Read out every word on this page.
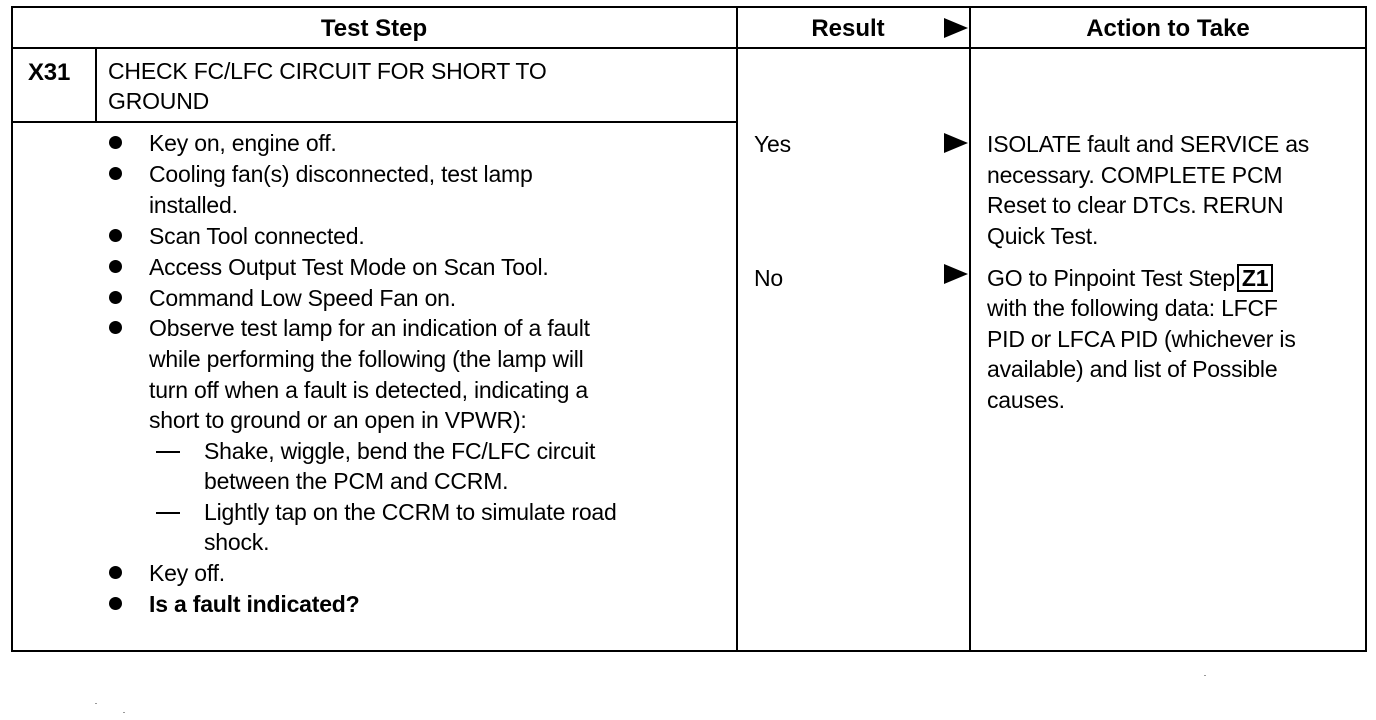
Test Step	Result	Action to Take
X31 CHECK FC/LFC CIRCUIT FOR SHORT TO
GROUND
Key on, engine off.
Cooling fan(s) disconnected, test lamp
installed.
Scan Tool connected.
Access Output Test Mode on Scan Tool.
Command Low Speed Fan on.
Observe test lamp for an indication of a fault
while performing the following (the lamp will
turn off when a fault is detected, indicating a
short to ground or an open in VPWR):
Shake, wiggle, bend the FC/LFC circuit
between the PCM and CCRM.
Lightly tap on the CCRM to simulate road
shock.
Key off.
Is a fault indicated?
Yes
No
ISOLATE fault and SERVICE as
necessary. COMPLETE PCM
Reset to clear DTCs. RERUN
Quick Test.
GO to Pinpoint Test Step Z1
with the following data: LFCF
PID or LFCA PID (whichever is
available) and list of Possible
causes.
